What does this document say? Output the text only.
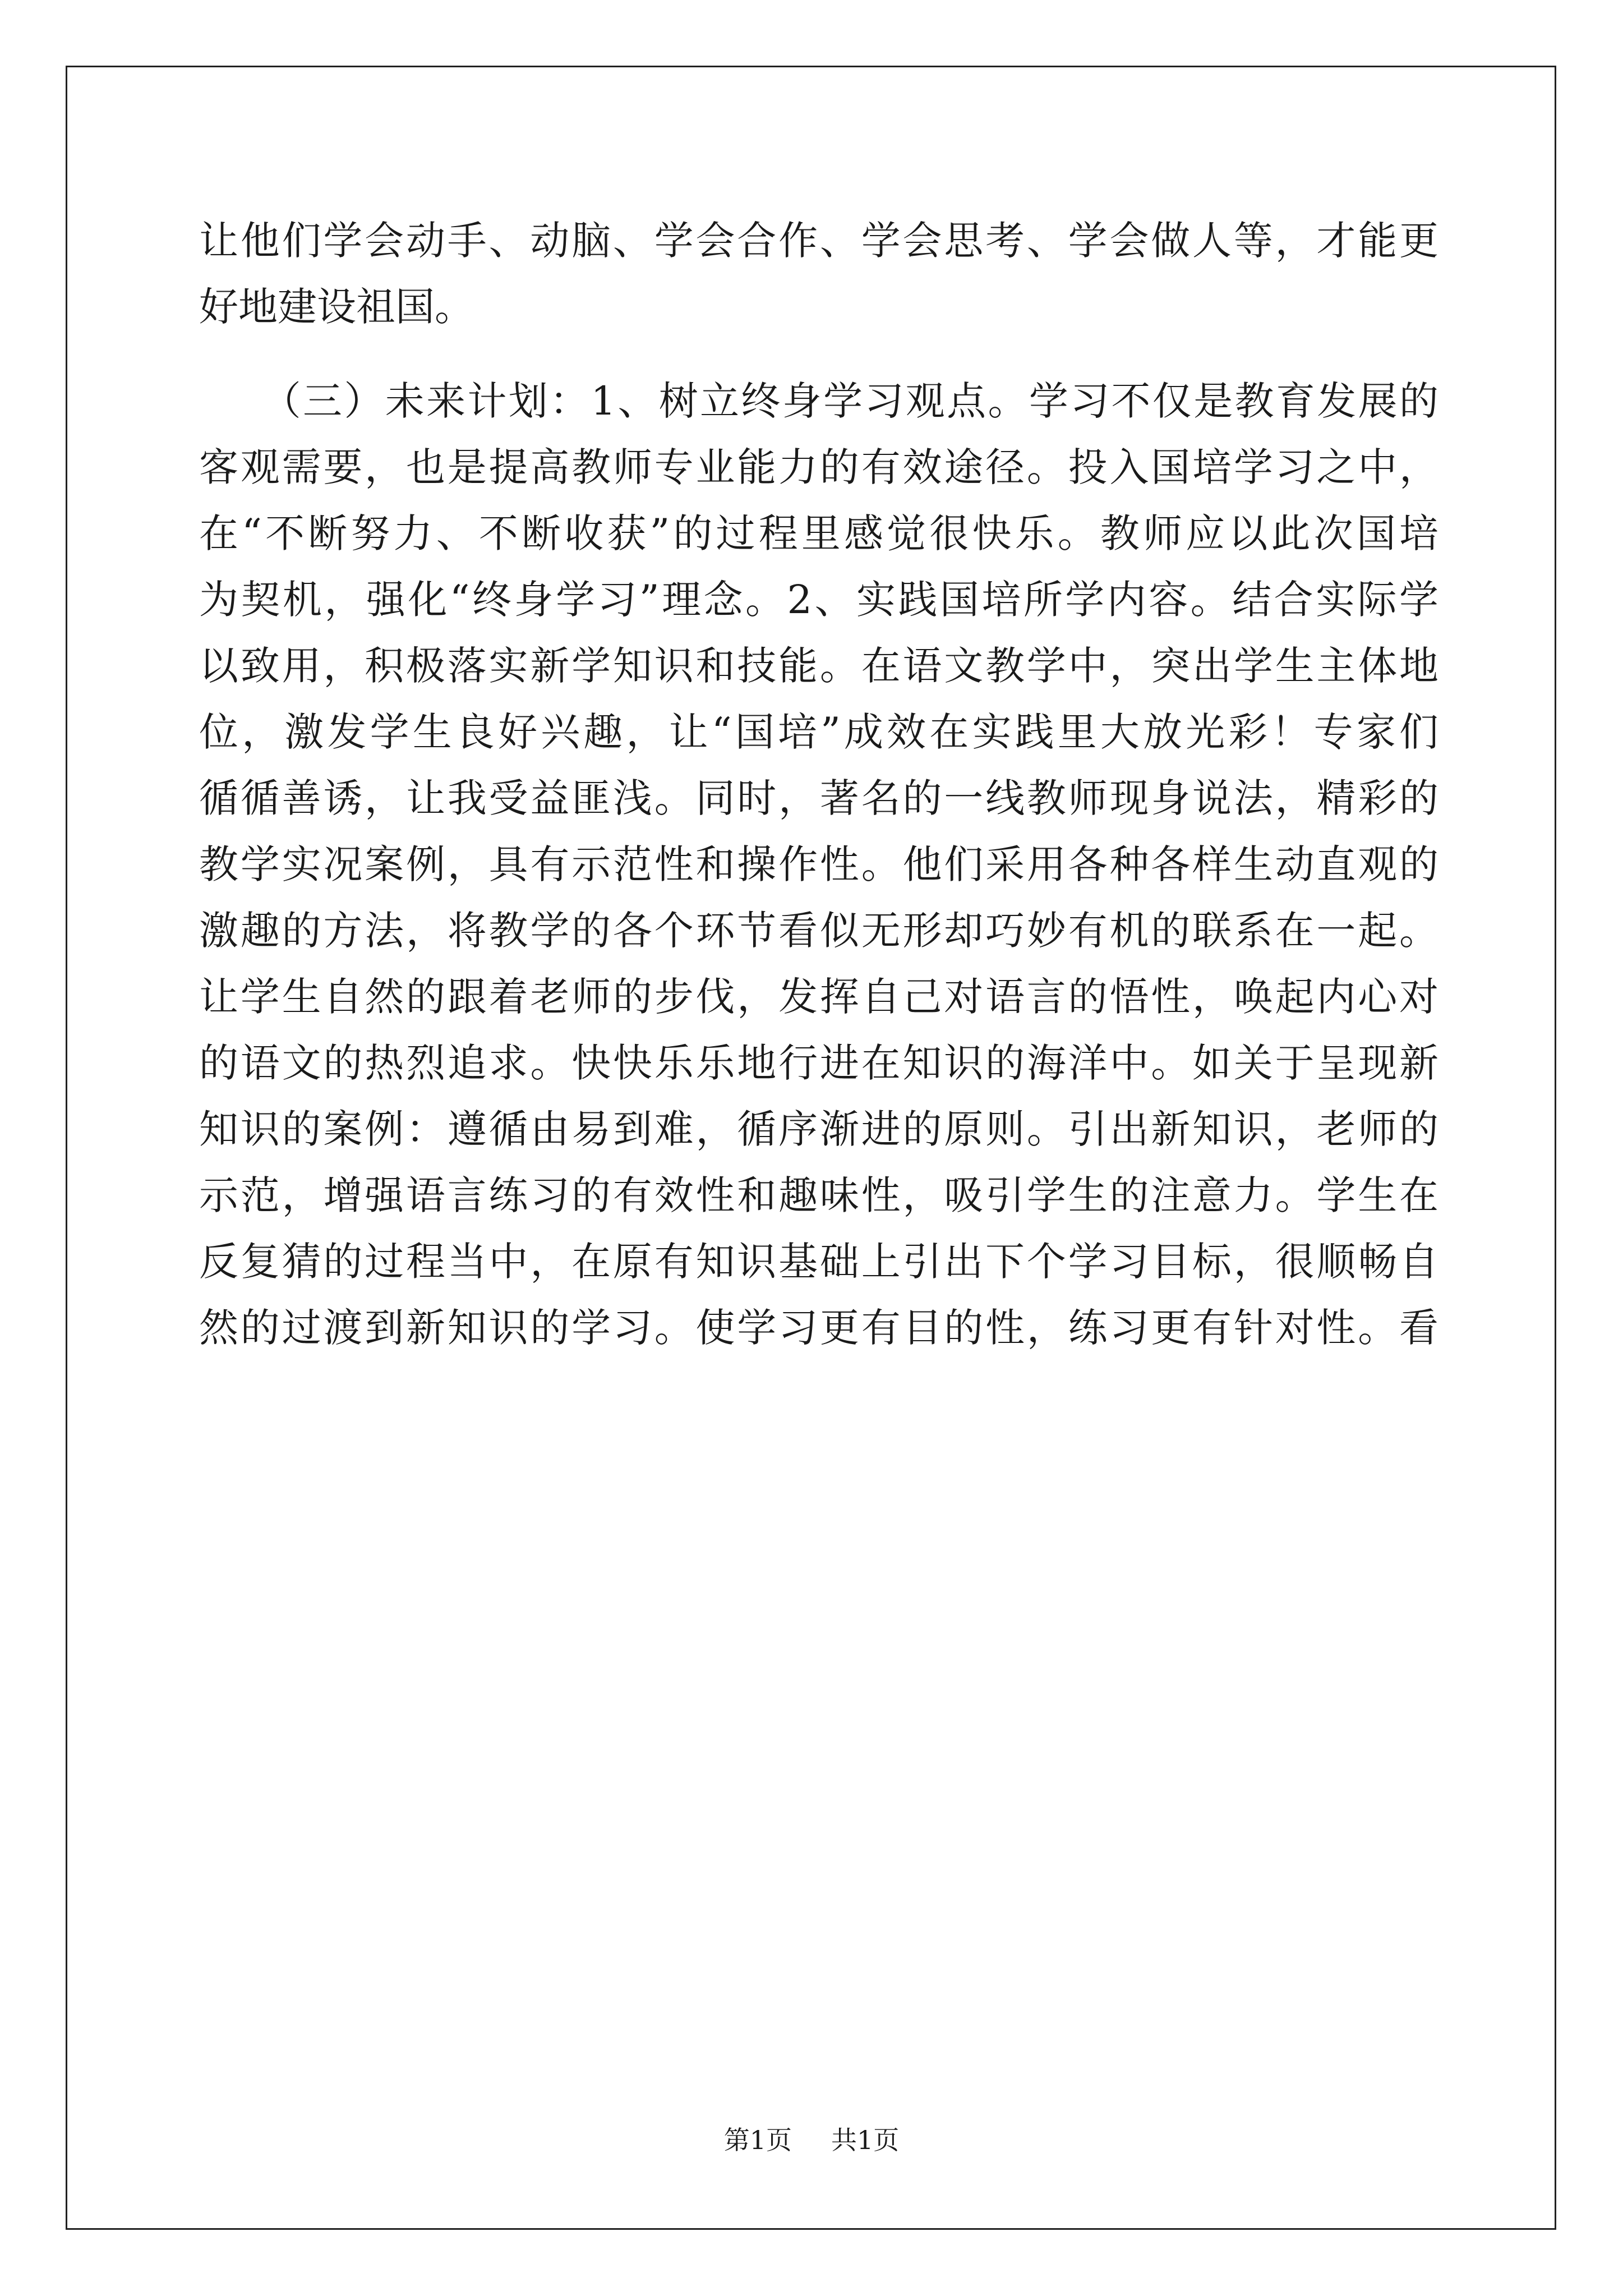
让他们学会动手、动脑、学会合作、学会思考、学会做人等，才能更
好地建设祖国。
　　（三）未来计划：1、树立终身学习观点。学习不仅是教育发展的
客观需要，也是提高教师专业能力的有效途径。投入国培学习之中，
在“不断努力、不断收获”的过程里感觉很快乐。教师应以此次国培
为契机，强化“终身学习”理念。2、实践国培所学内容。结合实际学
以致用，积极落实新学知识和技能。在语文教学中，突出学生主体地
位，激发学生良好兴趣，让“国培”成效在实践里大放光彩！专家们
循循善诱，让我受益匪浅。同时，著名的一线教师现身说法，精彩的
教学实况案例，具有示范性和操作性。他们采用各种各样生动直观的
激趣的方法，将教学的各个环节看似无形却巧妙有机的联系在一起。
让学生自然的跟着老师的步伐，发挥自己对语言的悟性，唤起内心对
的语文的热烈追求。快快乐乐地行进在知识的海洋中。如关于呈现新
知识的案例：遵循由易到难，循序渐进的原则。引出新知识，老师的
示范，增强语言练习的有效性和趣味性，吸引学生的注意力。学生在
反复猜的过程当中，在原有知识基础上引出下个学习目标，很顺畅自
然的过渡到新知识的学习。使学习更有目的性，练习更有针对性。看
第1页 共1页
